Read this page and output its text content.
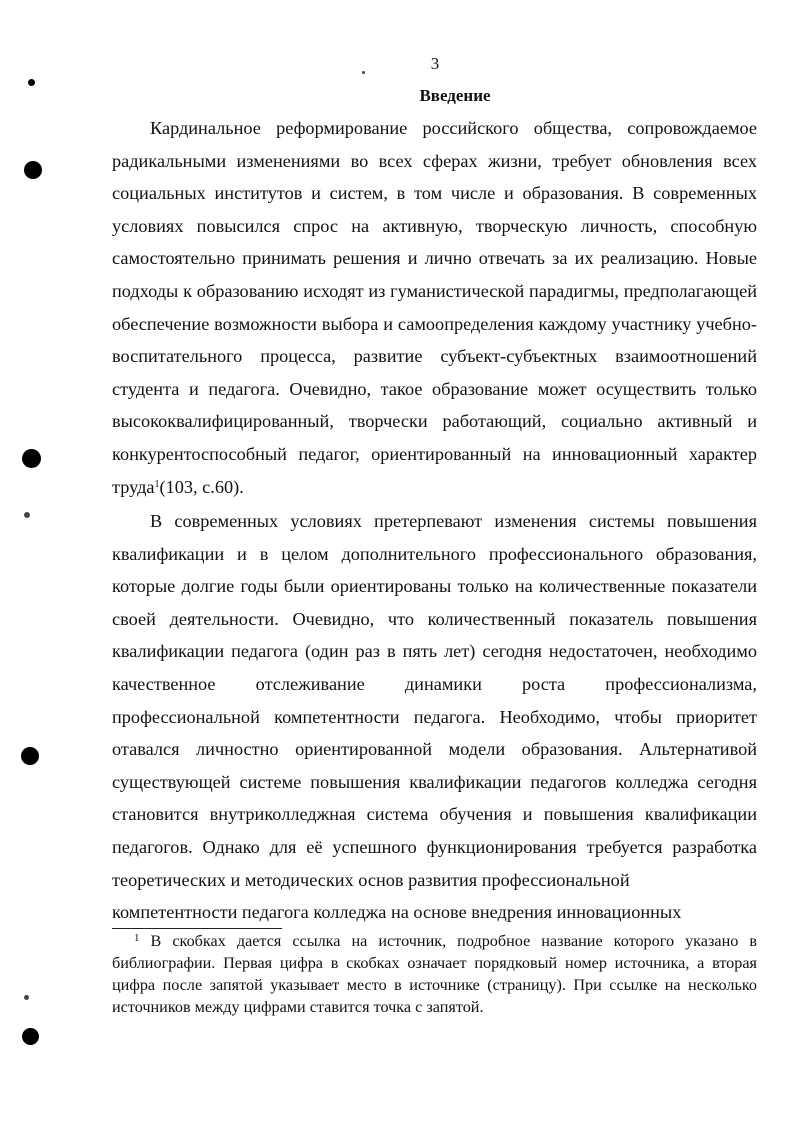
3
Введение

Кардинальное реформирование российского общества, сопровождаемое радикальными изменениями во всех сферах жизни, требует обновления всех социальных институтов и систем, в том числе и образования. В современных условиях повысился спрос на активную, творческую личность, способную самостоятельно принимать решения и лично отвечать за их реализацию. Новые подходы к образованию исходят из гуманистической парадигмы, предполагающей обеспечение возможности выбора и самоопределения каждому участнику учебно-воспитательного процесса, развитие субъект-субъектных взаимоотношений студента и педагога. Очевидно, такое образование может осуществить только высококвалифицированный, творчески работающий, социально активный и конкурентоспособный педагог, ориентированный на инновационный характер труда$^1$(103, с.60).

В современных условиях претерпевают изменения системы повышения квалификации и в целом дополнительного профессионального образования, которые долгие годы были ориентированы только на количественные показатели своей деятельности. Очевидно, что количественный показатель повышения квалификации педагога (один раз в пять лет) сегодня недостаточен, необходимо качественное отслеживание динамики роста профессионализма, профессиональной компетентности педагога. Необходимо, чтобы приоритет отавался личностно ориентированной модели образования. Альтернативой существующей системе повышения квалификации педагогов колледжа сегодня становится внутриколледжная система обучения и повышения квалификации педагогов. Однако для её успешного функционирования требуется разработка теоретических и методических основ развития профессиональной

компетентности педагога колледжа на основе внедрения инновационных

$^1$ В скобках дается ссылка на источник, подробное название которого указано в библиографии. Первая цифра в скобках означает порядковый номер источника, а вторая цифра после запятой указывает место в источнике (страницу). При ссылке на несколько источников между цифрами ставится точка с запятой.
